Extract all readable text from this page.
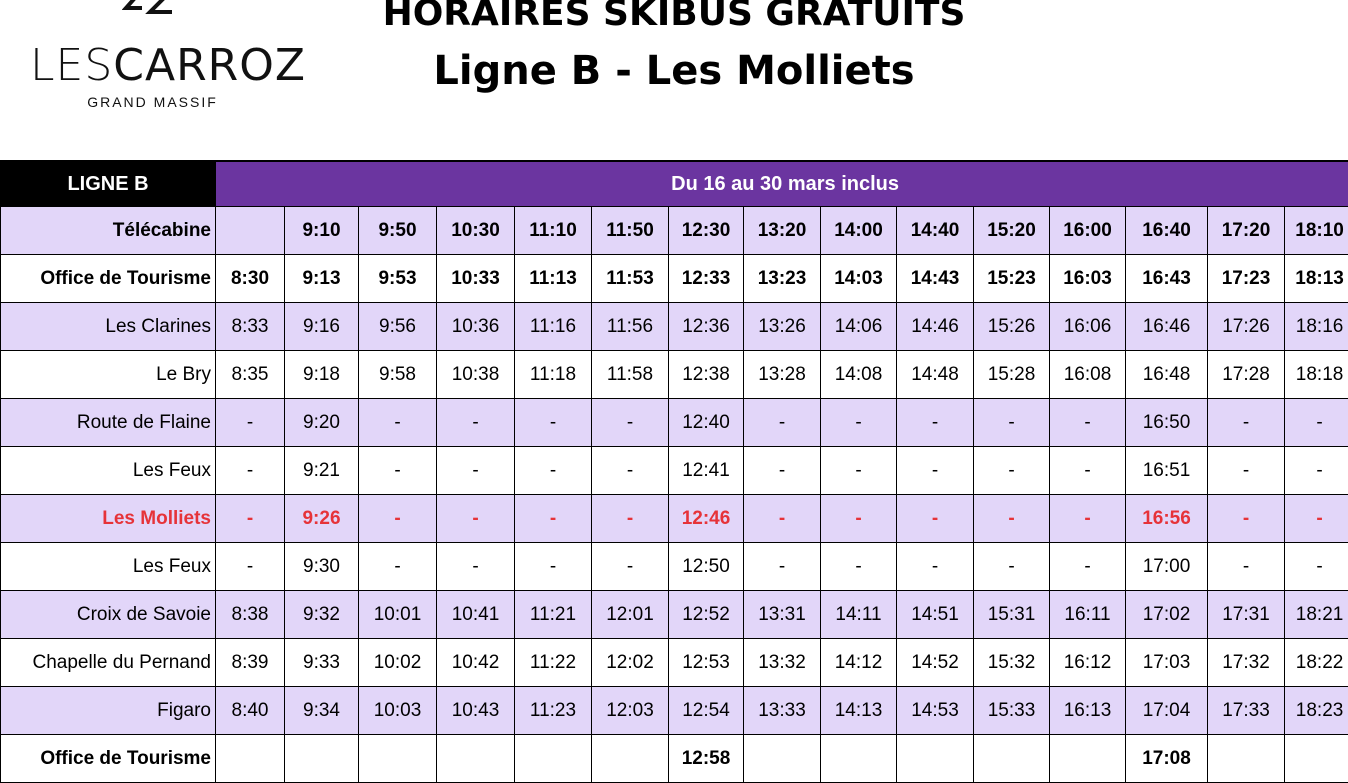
LESCARROZ
GRAND MASSIF
HORAIRES SKIBUS GRATUITS
Ligne B - Les Molliets
LIGNE B	Du 16 au 30 mars inclus														
Télécabine		9:10	9:50	10:30	11:10	11:50	12:30	13:20	14:00	14:40	15:20	16:00	16:40	17:20	18:10
Office de Tourisme	8:30	9:13	9:53	10:33	11:13	11:53	12:33	13:23	14:03	14:43	15:23	16:03	16:43	17:23	18:13
Les Clarines	8:33	9:16	9:56	10:36	11:16	11:56	12:36	13:26	14:06	14:46	15:26	16:06	16:46	17:26	18:16
Le Bry	8:35	9:18	9:58	10:38	11:18	11:58	12:38	13:28	14:08	14:48	15:28	16:08	16:48	17:28	18:18
Route de Flaine	-	9:20	-	-	-	-	12:40	-	-	-	-	-	16:50	-	-
Les Feux	-	9:21	-	-	-	-	12:41	-	-	-	-	-	16:51	-	-
Les Molliets	-	9:26	-	-	-	-	12:46	-	-	-	-	-	16:56	-	-
Les Feux	-	9:30	-	-	-	-	12:50	-	-	-	-	-	17:00	-	-
Croix de Savoie	8:38	9:32	10:01	10:41	11:21	12:01	12:52	13:31	14:11	14:51	15:31	16:11	17:02	17:31	18:21
Chapelle du Pernand	8:39	9:33	10:02	10:42	11:22	12:02	12:53	13:32	14:12	14:52	15:32	16:12	17:03	17:32	18:22
Figaro	8:40	9:34	10:03	10:43	11:23	12:03	12:54	13:33	14:13	14:53	15:33	16:13	17:04	17:33	18:23
Office de Tourisme							12:58						17:08		
